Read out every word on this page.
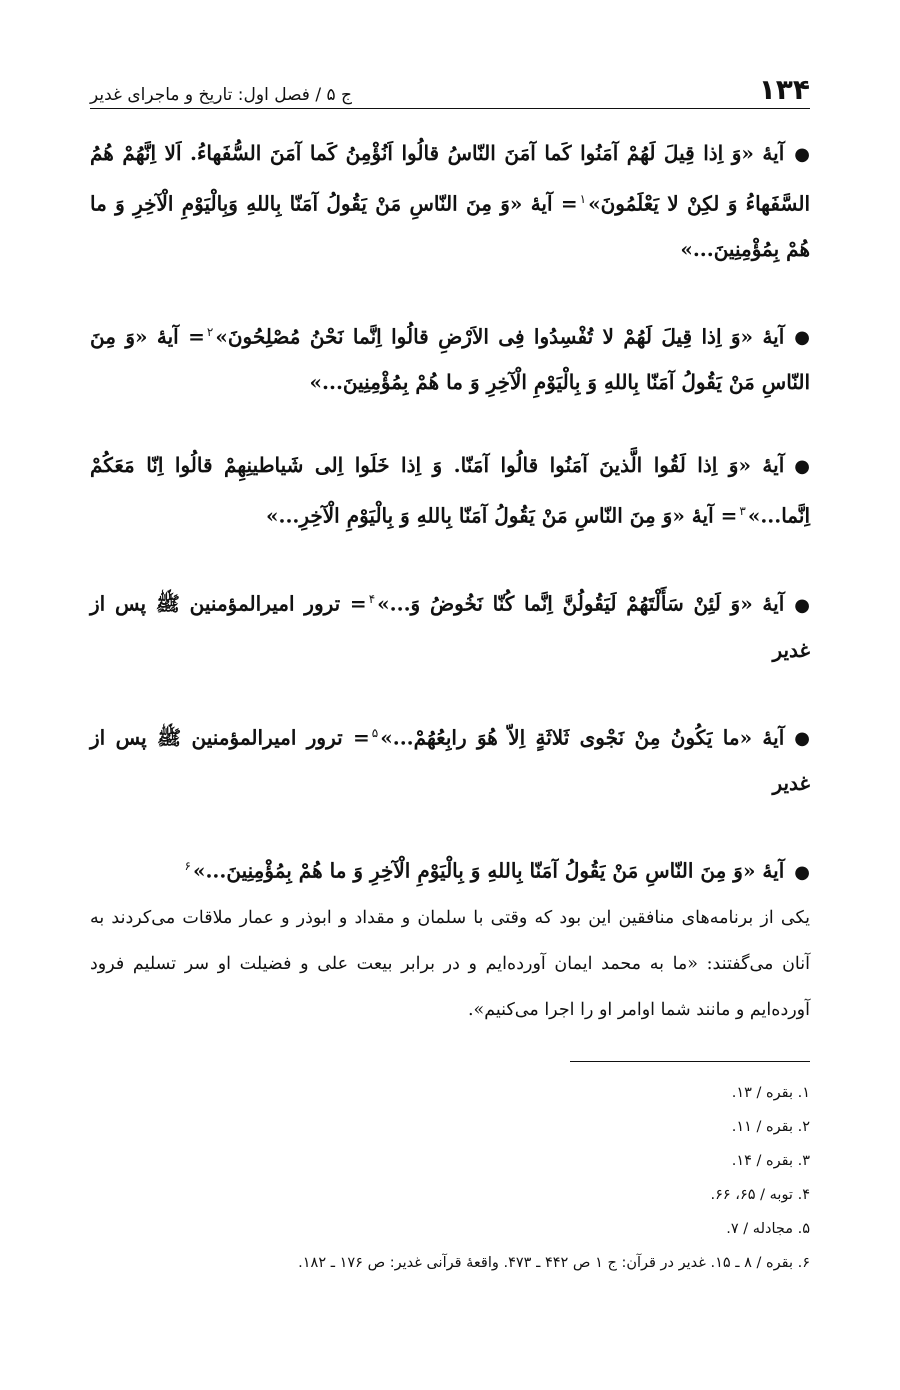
۱۳۴
ج ۵ / فصل اول: تاریخ و ماجرای غدیر

●آیهٔ «وَ اِذا قِیلَ لَهُمْ آمَنُوا کَما آمَنَ النّاسُ قالُوا اَنُؤْمِنُ کَما آمَنَ السُّفَهاءُ. اَلا اِنَّهُمْ هُمُ السَّفَهاءُ وَ لکِنْ لا یَعْلَمُونَ»$^۱$= آیهٔ «وَ مِنَ النّاسِ مَنْ یَقُولُ آمَنّا بِاللهِ وَبِالْیَوْمِ الْآخِرِ وَ ما هُمْ بِمُؤْمِنِینَ...»

●آیهٔ «وَ اِذا قِیلَ لَهُمْ لا تُفْسِدُوا فِی الاَرْضِ قالُوا اِنَّما نَحْنُ مُصْلِحُونَ»$^۲$= آیهٔ «وَ مِنَ النّاسِ مَنْ یَقُولُ آمَنّا بِاللهِ وَ بِالْیَوْمِ الْآخِرِ وَ ما هُمْ بِمُؤْمِنِینَ...»

●آیهٔ «وَ اِذا لَقُوا الَّذینَ آمَنُوا قالُوا آمَنّا. وَ اِذا خَلَوا اِلی شَیاطینِهِمْ قالُوا اِنّا مَعَکُمْ اِنَّما...»$^۳$= آیهٔ «وَ مِنَ النّاسِ مَنْ یَقُولُ آمَنّا بِاللهِ وَ بِالْیَوْمِ الْآخِرِ...»

●آیهٔ «وَ لَئِنْ سَأَلْتَهُمْ لَیَقُولُنَّ اِنَّما کُنّا نَخُوضُ وَ...»$^۴$= ترور امیرالمؤمنین ﷺ پس از غدیر

●آیهٔ «ما یَکُونُ مِنْ نَجْوی ثَلاثَةٍ اِلاّ هُوَ رابِعُهُمْ...»$^۵$= ترور امیرالمؤمنین ﷺ پس از غدیر

●آیهٔ «وَ مِنَ النّاسِ مَنْ یَقُولُ آمَنّا بِاللهِ وَ بِالْیَوْمِ الْآخِرِ وَ ما هُمْ بِمُؤْمِنِینَ...»$^۶$

یکی از برنامه‌های منافقین این بود که وقتی با سلمان و مقداد و ابوذر و عمار ملاقات می‌کردند به آنان می‌گفتند: «ما به محمد ایمان آورده‌ایم و در برابر بیعت علی و فضیلت او سر تسلیم فرود آورده‌ایم و مانند شما اوامر او را اجرا می‌کنیم».

۱. بقره / ۱۳.
۲. بقره / ۱۱.
۳. بقره / ۱۴.
۴. توبه / ۶۵، ۶۶.
۵. مجادله / ۷.
۶. بقره / ۸ ـ ۱۵. غدیر در قرآن: ج ۱ ص ۴۴۲ ـ ۴۷۳. واقعهٔ قرآنی غدیر: ص ۱۷۶ ـ ۱۸۲.
